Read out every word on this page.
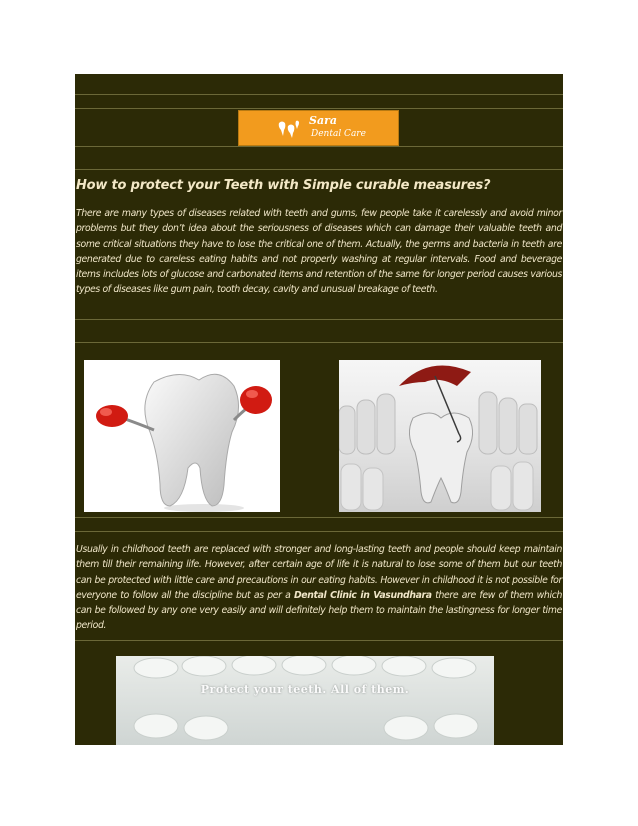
Sara
Dental Care
How to protect your Teeth with Simple curable measures?

There are many types of diseases related with teeth and gums, few people take it carelessly and avoid minor problems but they don’t idea about the seriousness of diseases which can damage their valuable teeth and some critical situations they have to lose the critical one of them. Actually, the germs and bacteria in teeth are generated due to careless eating habits and not properly washing at regular intervals. Food and beverage items includes lots of glucose and carbonated items and retention of the same for longer period causes various types of diseases like gum pain, tooth decay, cavity and unusual breakage of teeth.

Usually in childhood teeth are replaced with stronger and long-lasting teeth and people should keep maintain them till their remaining life. However, after certain age of life it is natural to lose some of them but our teeth can be protected with little care and precautions in our eating habits. However in childhood it is not possible for everyone to follow all the discipline but as per a Dental Clinic in Vasundhara there are few of them which can be followed by any one very easily and will definitely help them to maintain the lastingness for longer time period.

Protect your teeth. All of them.
